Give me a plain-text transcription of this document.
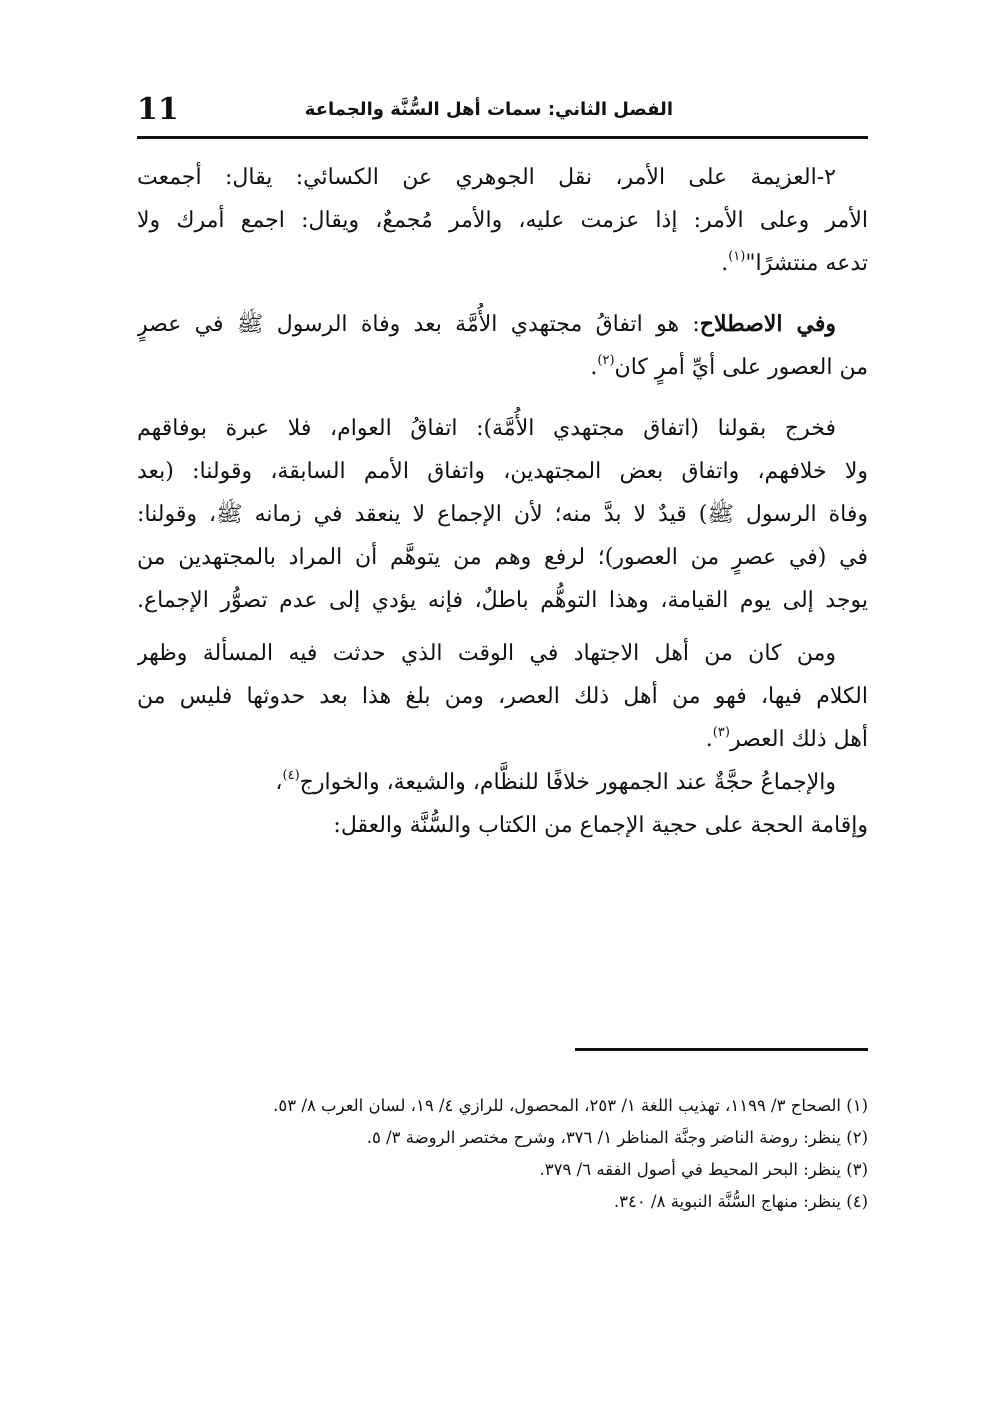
11	الفصل الثاني: سمات أهل السُّنَّة والجماعة
٢-العزيمة على الأمر، نقل الجوهري عن الكسائي: يقال: أجمعت
الأمر وعلى الأمر: إذا عزمت عليه، والأمر مُجمعٌ، ويقال: اجمع أمرك ولا
تدعه منتشرًا"$^{(١)}$.
وفي الاصطلاح: هو اتفاقُ مجتهدي الأُمَّة بعد وفاة الرسول ﷺ في عصرٍ
من العصور على أيِّ أمرٍ كان$^{(٢)}$.
فخرج بقولنا (اتفاق مجتهدي الأُمَّة): اتفاقُ العوام، فلا عبرة بوفاقهم
ولا خلافهم، واتفاق بعض المجتهدين، واتفاق الأمم السابقة، وقولنا: (بعد
وفاة الرسول ﷺ) قيدٌ لا بدَّ منه؛ لأن الإجماع لا ينعقد في زمانه ﷺ، وقولنا:
في (في عصرٍ من العصور)؛ لرفع وهم من يتوهَّم أن المراد بالمجتهدين من
يوجد إلى يوم القيامة، وهذا التوهُّم باطلٌ، فإنه يؤدي إلى عدم تصوُّر الإجماع.
ومن كان من أهل الاجتهاد في الوقت الذي حدثت فيه المسألة وظهر
الكلام فيها، فهو من أهل ذلك العصر، ومن بلغ هذا بعد حدوثها فليس من
أهل ذلك العصر$^{(٣)}$.
والإجماعُ حجَّةٌ عند الجمهور خلافًا للنظَّام، والشيعة، والخوارج$^{(٤)}$،
وإقامة الحجة على حجية الإجماع من الكتاب والسُّنَّة والعقل:
(١) الصحاح ٣/ ١١٩٩، تهذيب اللغة ١/ ٢٥٣، المحصول، للرازي ٤/ ١٩، لسان العرب ٨/ ٥٣.
(٢) ينظر: روضة الناضر وجنَّة المناظر ١/ ٣٧٦، وشرح مختصر الروضة ٣/ ٥.
(٣) ينظر: البحر المحيط في أصول الفقه ٦/ ٣٧٩.
(٤) ينظر: منهاج السُّنَّة النبوية ٨/ ٣٤٠.
